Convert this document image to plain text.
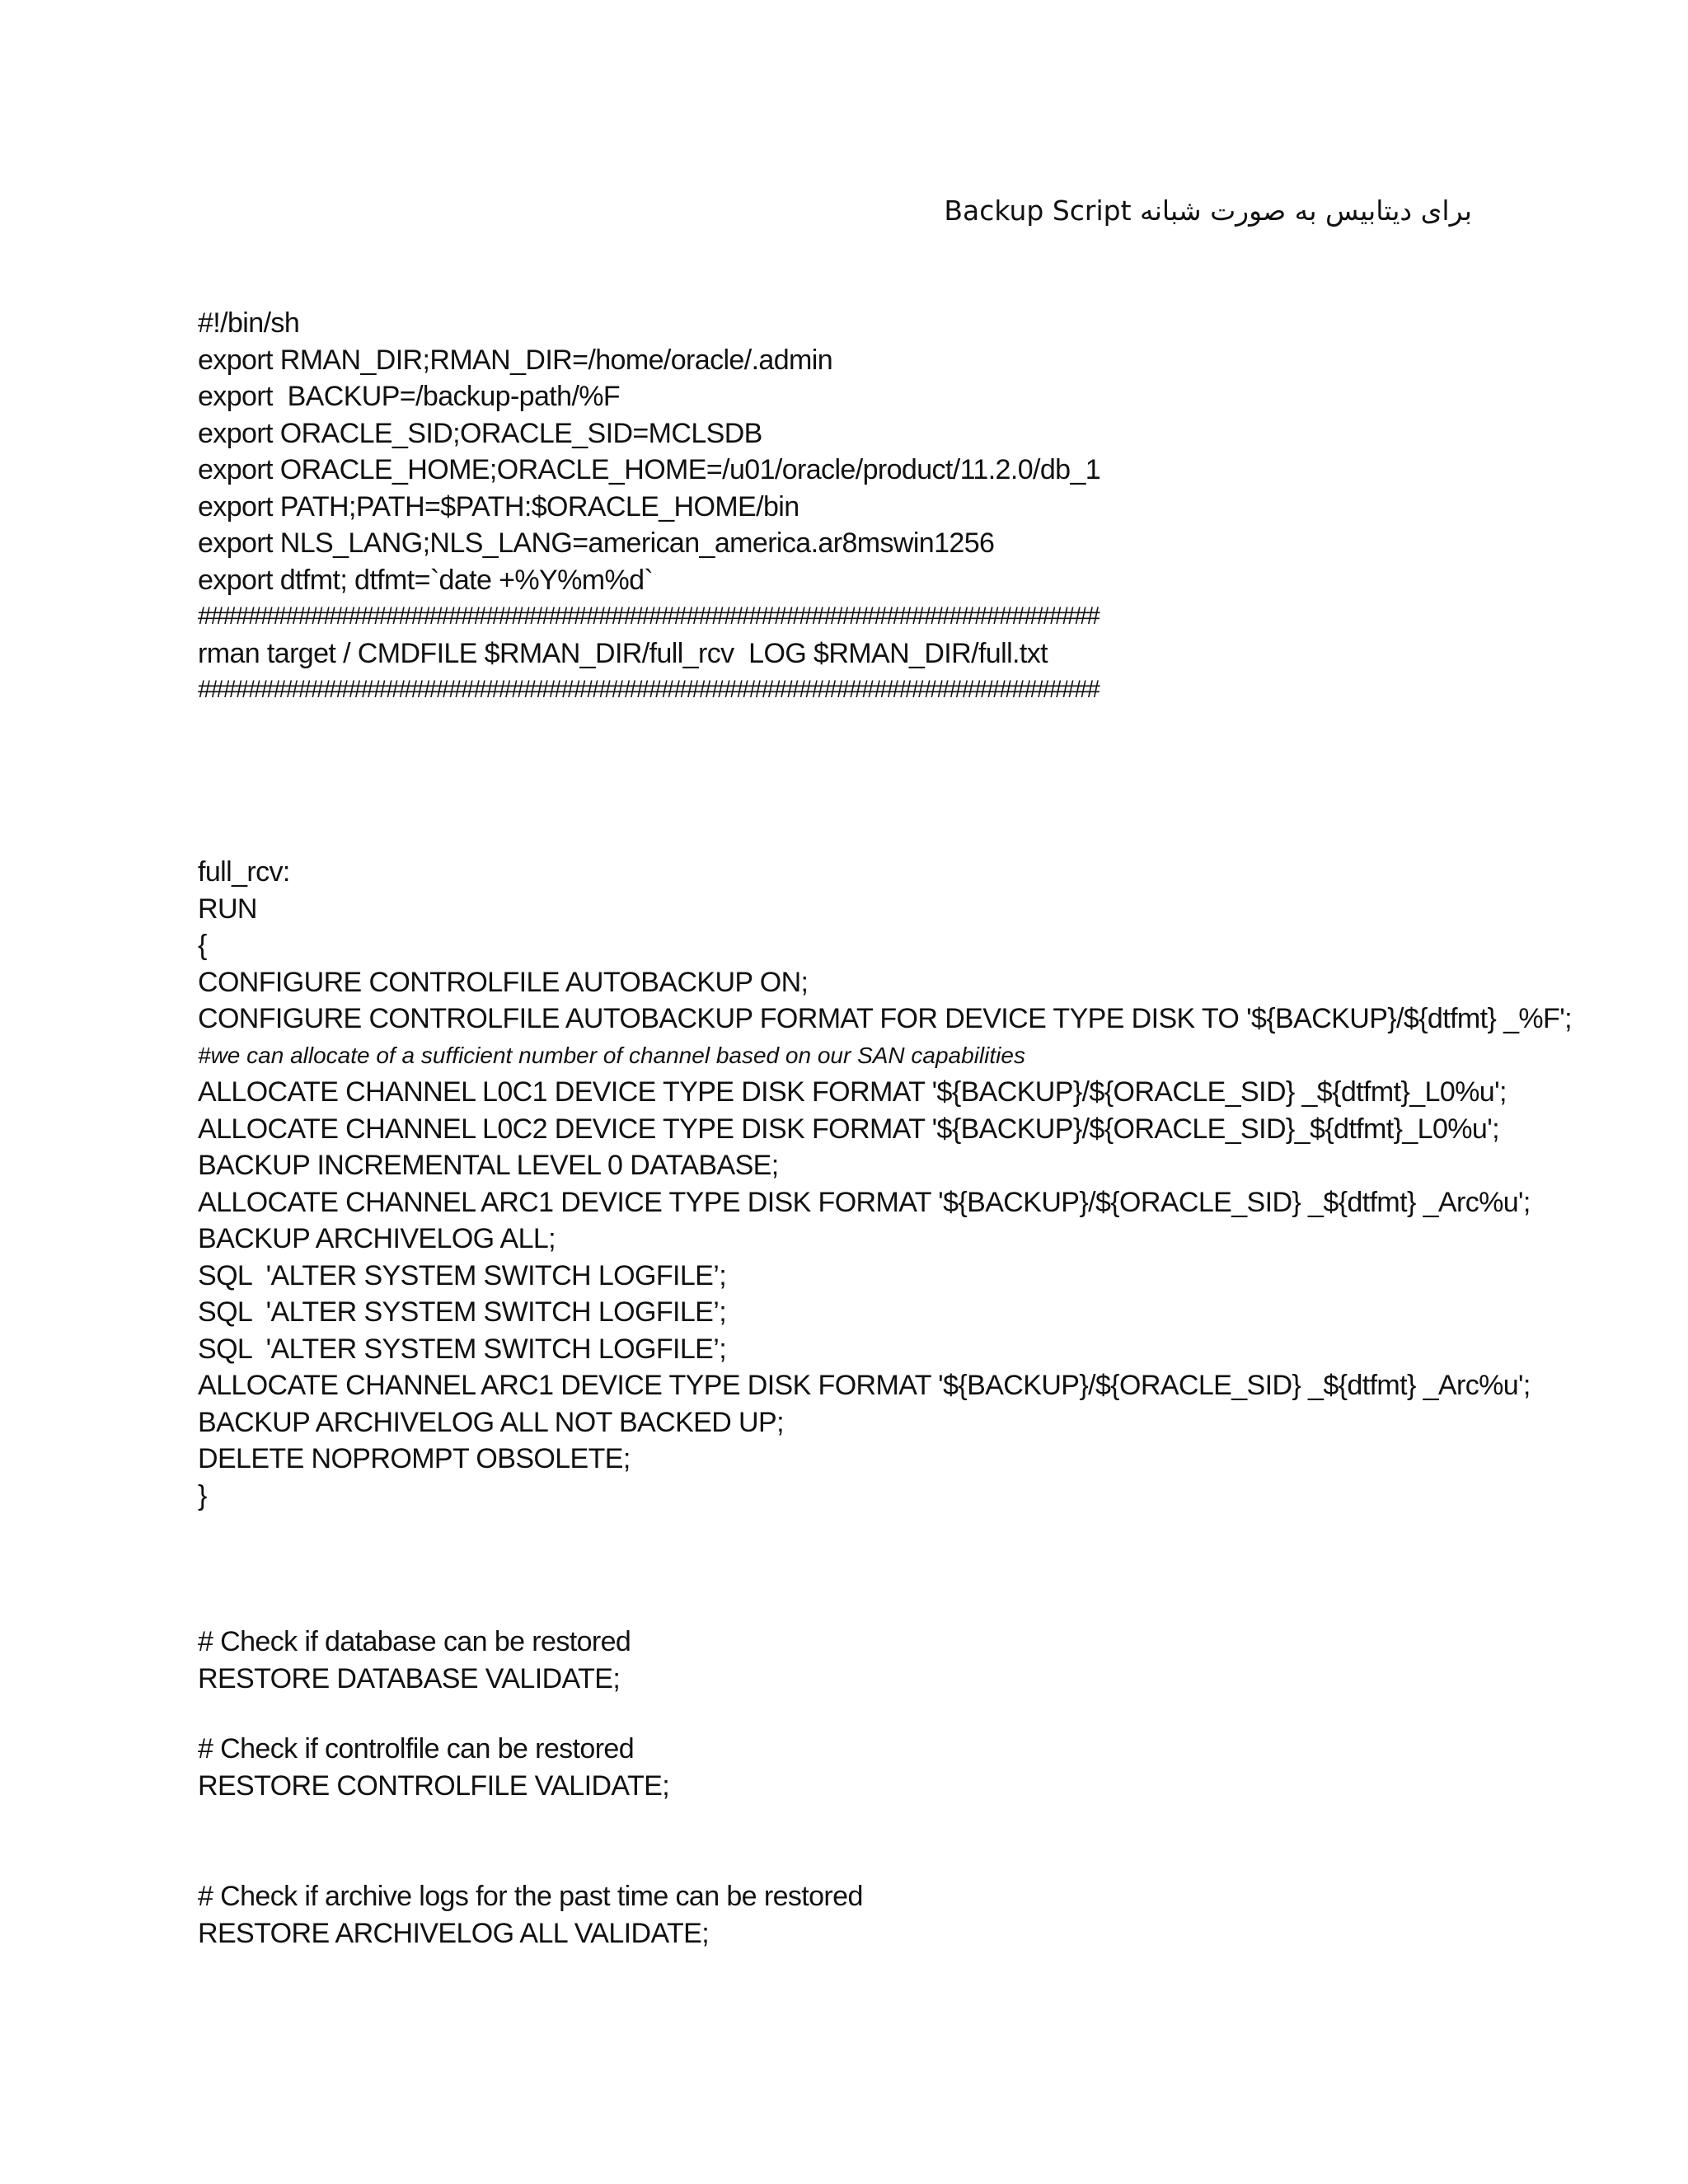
Backup Script برای دیتابیس به صورت شبانه
#!/bin/sh
export RMAN_DIR;RMAN_DIR=/home/oracle/.admin
export  BACKUP=/backup-path/%F
export ORACLE_SID;ORACLE_SID=MCLSDB
export ORACLE_HOME;ORACLE_HOME=/u01/oracle/product/11.2.0/db_1
export PATH;PATH=$PATH:$ORACLE_HOME/bin
export NLS_LANG;NLS_LANG=american_america.ar8mswin1256
export dtfmt; dtfmt=`date +%Y%m%d`
########################################################################
rman target / CMDFILE $RMAN_DIR/full_rcv  LOG $RMAN_DIR/full.txt
########################################################################
full_rcv:
RUN
{
CONFIGURE CONTROLFILE AUTOBACKUP ON;
CONFIGURE CONTROLFILE AUTOBACKUP FORMAT FOR DEVICE TYPE DISK TO '${BACKUP}/${dtfmt} _%F';
#we can allocate of a sufficient number of channel based on our SAN capabilities
ALLOCATE CHANNEL L0C1 DEVICE TYPE DISK FORMAT '${BACKUP}/${ORACLE_SID} _${dtfmt}_L0%u';
ALLOCATE CHANNEL L0C2 DEVICE TYPE DISK FORMAT '${BACKUP}/${ORACLE_SID}_${dtfmt}_L0%u';
BACKUP INCREMENTAL LEVEL 0 DATABASE;
ALLOCATE CHANNEL ARC1 DEVICE TYPE DISK FORMAT '${BACKUP}/${ORACLE_SID} _${dtfmt} _Arc%u';
BACKUP ARCHIVELOG ALL;
SQL  'ALTER SYSTEM SWITCH LOGFILE’;
SQL  'ALTER SYSTEM SWITCH LOGFILE’;
SQL  'ALTER SYSTEM SWITCH LOGFILE’;
ALLOCATE CHANNEL ARC1 DEVICE TYPE DISK FORMAT '${BACKUP}/${ORACLE_SID} _${dtfmt} _Arc%u';
BACKUP ARCHIVELOG ALL NOT BACKED UP;
DELETE NOPROMPT OBSOLETE;
}
# Check if database can be restored
RESTORE DATABASE VALIDATE;
# Check if controlfile can be restored
RESTORE CONTROLFILE VALIDATE;
# Check if archive logs for the past time can be restored
RESTORE ARCHIVELOG ALL VALIDATE;
